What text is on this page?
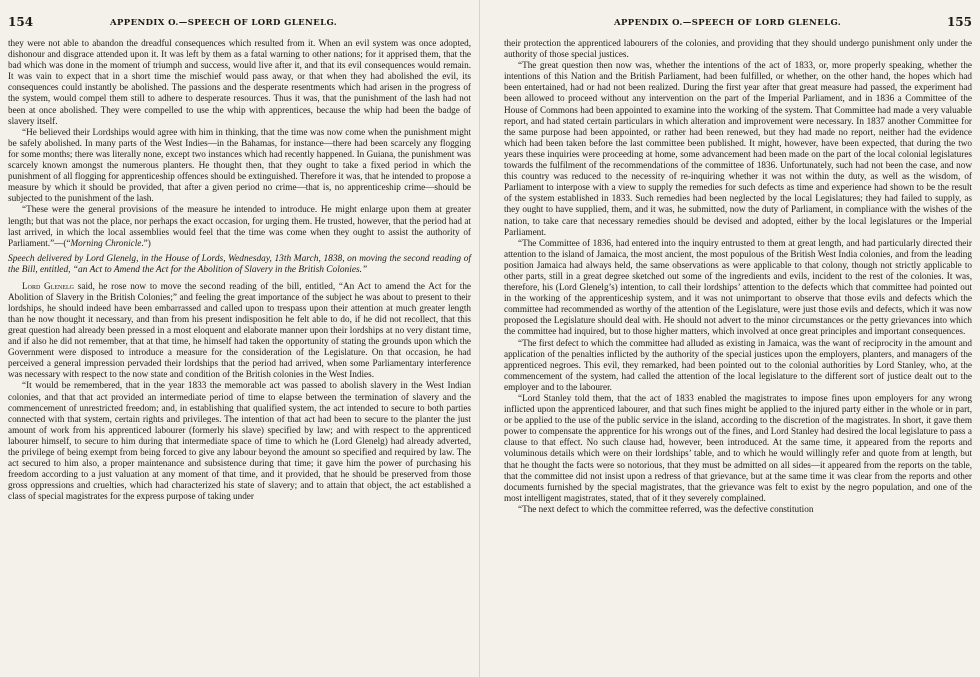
154	APPENDIX O.—SPEECH OF LORD GLENELG.

they were not able to abandon the dreadful consequences which resulted from it. When an evil system was once adopted, dishonour and disgrace attended upon it. It was left by them as a fatal warning to other nations; for it apprised them, that the bad which was done in the moment of triumph and success, would live after it, and that its evil consequences would remain. It was vain to expect that in a short time the mischief would pass away, or that when they had abolished the evil, its consequences could instantly be abolished. The passions and the desperate resentments which had arisen in the progress of the system, would compel them still to adhere to desperate resources. Thus it was, that the punishment of the lash had not been at once abolished. They were compelled to use the whip with apprentices, because the whip had been the badge of slavery itself.

“He believed their Lordships would agree with him in thinking, that the time was now come when the punishment might be safely abolished. In many parts of the West Indies—in the Bahamas, for instance—there had been scarcely any flogging for some months; there was literally none, except two instances which had recently happened. In Guiana, the punishment was scarcely known amongst the numerous planters. He thought then, that they ought to take a fixed period in which the punishment of all flogging for apprenticeship offences should be extinguished. Therefore it was, that he intended to propose a measure by which it should be provided, that after a given period no crime—that is, no apprenticeship crime—should be subjected to the punishment of the lash.

“These were the general provisions of the measure he intended to introduce. He might enlarge upon them at greater length; but that was not the place, nor perhaps the exact occasion, for urging them. He trusted, however, that the period had at last arrived, in which the local assemblies would feel that the time was come when they ought to assist the authority of Parliament.”—(“Morning Chronicle.”)

Speech delivered by Lord Glenelg, in the House of Lords, Wednesday, 13th March, 1838, on moving the second reading of the Bill, entitled, “an Act to Amend the Act for the Abolition of Slavery in the British Colonies.”

Lord Glenelg said, he rose now to move the second reading of the bill, entitled, “An Act to amend the Act for the Abolition of Slavery in the British Colonies;” and feeling the great importance of the subject he was about to present to their lordships, he should indeed have been embarrassed and called upon to trespass upon their attention at much greater length than he now thought it necessary, and than from his present indisposition he felt able to do, if he did not recollect, that this great question had already been pressed in a most eloquent and elaborate manner upon their lordships at no very distant time, and if also he did not remember, that at that time, he himself had taken the opportunity of stating the grounds upon which the Government were disposed to introduce a measure for the consideration of the Legislature. On that occasion, he had perceived a general impression pervaded their lordships that the period had arrived, when some Parliamentary interference was necessary with respect to the now state and condition of the British colonies in the West Indies.

“It would be remembered, that in the year 1833 the memorable act was passed to abolish slavery in the West Indian colonies, and that that act provided an intermediate period of time to elapse between the termination of slavery and the commencement of unrestricted freedom; and, in establishing that qualified system, the act intended to secure to both parties connected with that system, certain rights and privileges. The intention of that act had been to secure to the planter the just amount of work from his apprenticed labourer (formerly his slave) specified by law; and with respect to the apprenticed labourer himself, to secure to him during that intermediate space of time to which he (Lord Glenelg) had already adverted, the privilege of being exempt from being forced to give any labour beyond the amount so specified and required by law. The act secured to him also, a proper maintenance and subsistence during that time; it gave him the power of purchasing his freedom according to a just valuation at any moment of that time, and it provided, that he should be preserved from those gross oppressions and cruelties, which had characterized his state of slavery; and to attain that object, the act established a class of special magistrates for the express purpose of taking under

APPENDIX O.—SPEECH OF LORD GLENELG.	155

their protection the apprenticed labourers of the colonies, and providing that they should undergo punishment only under the authority of those special justices.

“The great question then now was, whether the intentions of the act of 1833, or, more properly speaking, whether the intentions of this Nation and the British Parliament, had been fulfilled, or whether, on the other hand, the hopes which had been entertained, had or had not been realized. During the first year after that great measure had passed, the experiment had been allowed to proceed without any intervention on the part of the Imperial Parliament, and in 1836 a Committee of the House of Commons had been appointed to examine into the working of the system. That Committee had made a very valuable report, and had stated certain particulars in which alteration and improvement were necessary. In 1837 another Committee for the same purpose had been appointed, or rather had been renewed, but they had made no report, neither had the evidence which had been taken before the last committee been published. It might, however, have been expected, that during the two years these inquiries were proceeding at home, some advancement had been made on the part of the local colonial legislatures towards the fulfilment of the recommendations of the committee of 1836. Unfortunately, such had not been the case, and now this country was reduced to the necessity of re-inquiring whether it was not within the duty, as well as the wisdom, of Parliament to interpose with a view to supply the remedies for such defects as time and experience had shown to be the result of the system established in 1833. Such remedies had been neglected by the local Legislatures; they had failed to supply, as they ought to have supplied, them, and it was, he submitted, now the duty of Parliament, in compliance with the wishes of the nation, to take care that necessary remedies should be devised and adopted, either by the local legislatures or the Imperial Parliament.

“The Committee of 1836, had entered into the inquiry entrusted to them at great length, and had particularly directed their attention to the island of Jamaica, the most ancient, the most populous of the British West India colonies, and from the leading position Jamaica had always held, the same observations as were applicable to that colony, though not strictly applicable to other parts, still in a great degree sketched out some of the ingredients and evils, incident to the rest of the colonies. It was, therefore, his (Lord Glenelg’s) intention, to call their lordships’ attention to the defects which that committee had pointed out in the working of the apprenticeship system, and it was not unimportant to observe that those evils and defects which the committee had recommended as worthy of the attention of the Legislature, were just those evils and defects, which it was now proposed the Legislature should deal with. He should not advert to the minor circumstances or the petty grievances into which the committee had inquired, but to those higher matters, which involved at once great principles and important consequences.

“The first defect to which the committee had alluded as existing in Jamaica, was the want of reciprocity in the amount and application of the penalties inflicted by the authority of the special justices upon the employers, planters, and managers of the apprenticed negroes. This evil, they remarked, had been pointed out to the colonial authorities by Lord Stanley, who, at the commencement of the system, had called the attention of the local legislature to the different sort of justice dealt out to the employer and to the labourer.

“Lord Stanley told them, that the act of 1833 enabled the magistrates to impose fines upon employers for any wrong inflicted upon the apprenticed labourer, and that such fines might be applied to the injured party either in the whole or in part, or be applied to the use of the public service in the island, according to the discretion of the magistrates. In short, it gave them power to compensate the apprentice for his wrongs out of the fines, and Lord Stanley had desired the local legislature to pass a clause to that effect. No such clause had, however, been introduced. At the same time, it appeared from the reports and voluminous details which were on their lordships’ table, and to which he would willingly refer and quote from at length, but that he thought the facts were so notorious, that they must be admitted on all sides—it appeared from the reports on the table, that the committee did not insist upon a redress of that grievance, but at the same time it was clear from the reports and other documents furnished by the special magistrates, that the grievance was felt to exist by the negro population, and one of the most intelligent magistrates, stated, that of it they severely complained.

“The next defect to which the committee referred, was the defective constitution
